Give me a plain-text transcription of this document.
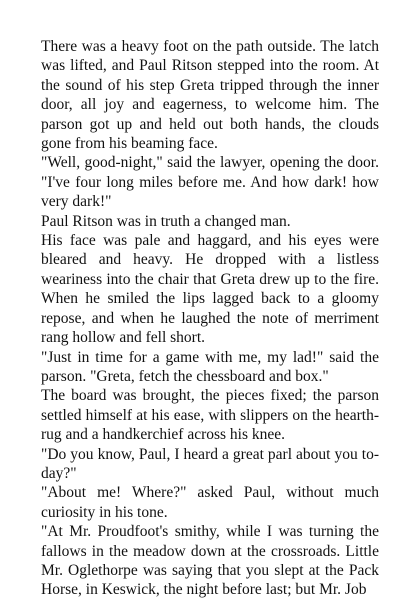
There was a heavy foot on the path outside. The latch was lifted, and Paul Ritson stepped into the room. At the sound of his step Greta tripped through the inner door, all joy and eagerness, to welcome him. The parson got up and held out both hands, the clouds gone from his beaming face.

"Well, good-night," said the lawyer, opening the door. "I've four long miles before me. And how dark! how very dark!"

Paul Ritson was in truth a changed man.

His face was pale and haggard, and his eyes were bleared and heavy. He dropped with a listless weariness into the chair that Greta drew up to the fire. When he smiled the lips lagged back to a gloomy repose, and when he laughed the note of merriment rang hollow and fell short.

"Just in time for a game with me, my lad!" said the parson. "Greta, fetch the chessboard and box."

The board was brought, the pieces fixed; the parson settled himself at his ease, with slippers on the hearth-rug and a handkerchief across his knee.

"Do you know, Paul, I heard a great parl about you to-day?"

"About me! Where?" asked Paul, without much curiosity in his tone.

"At Mr. Proudfoot's smithy, while I was turning the fallows in the meadow down at the crossroads. Little Mr. Oglethorpe was saying that you slept at the Pack Horse, in Keswick, the night before last; but Mr. Job
